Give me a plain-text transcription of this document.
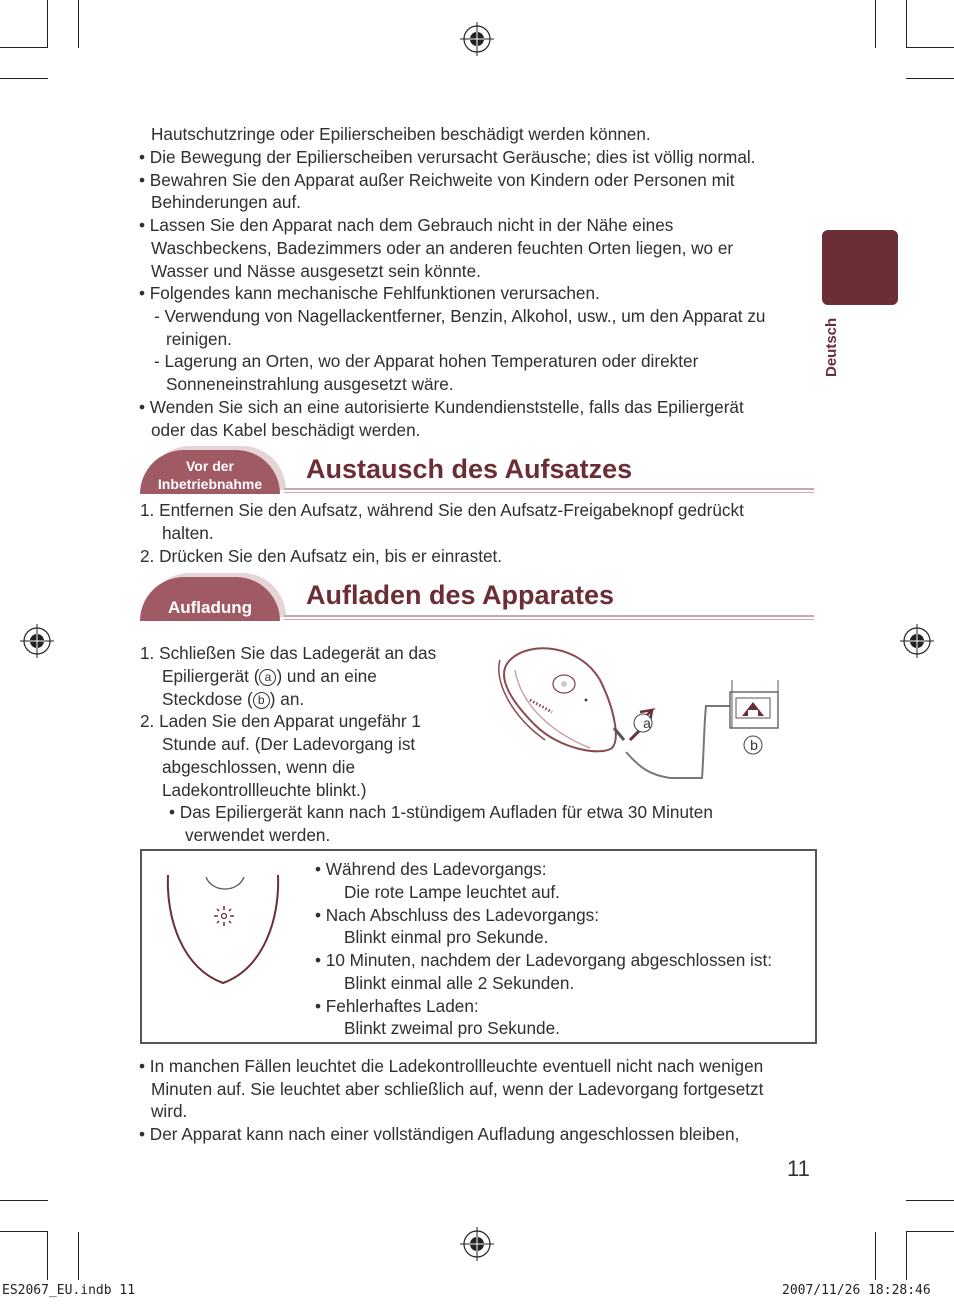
Deutsch
Hautschutzringe oder Epilierscheiben beschädigt werden können.
• Die Bewegung der Epilierscheiben verursacht Geräusche; dies ist völlig normal.
• Bewahren Sie den Apparat außer Reichweite von Kindern oder Personen mit
Behinderungen auf.
• Lassen Sie den Apparat nach dem Gebrauch nicht in der Nähe eines
Waschbeckens, Badezimmers oder an anderen feuchten Orten liegen, wo er
Wasser und Nässe ausgesetzt sein könnte.
• Folgendes kann mechanische Fehlfunktionen verursachen.
- Verwendung von Nagellackentferner, Benzin, Alkohol, usw., um den Apparat zu
reinigen.
- Lagerung an Orten, wo der Apparat hohen Temperaturen oder direkter
Sonneneinstrahlung ausgesetzt wäre.
• Wenden Sie sich an eine autorisierte Kundendienststelle, falls das Epiliergerät
oder das Kabel beschädigt werden.
Vor der
Inbetriebnahme	Austausch des Aufsatzes
1. Entfernen Sie den Aufsatz, während Sie den Aufsatz-Freigabeknopf gedrückt
halten.
2. Drücken Sie den Aufsatz ein, bis er einrastet.
Aufladung	Aufladen des Apparates
1. Schließen Sie das Ladegerät an das
Epiliergerät ( a ) und an eine
Steckdose ( b ) an.
2. Laden Sie den Apparat ungefähr 1
Stunde auf. (Der Ladevorgang ist
abgeschlossen, wenn die
Ladekontrollleuchte blinkt.)
• Das Epiliergerät kann nach 1-stündigem Aufladen für etwa 30 Minuten
verwendet werden.
a
b
• Während des Ladevorgangs:
Die rote Lampe leuchtet auf.
• Nach Abschluss des Ladevorgangs:
Blinkt einmal pro Sekunde.
• 10 Minuten, nachdem der Ladevorgang abgeschlossen ist:
Blinkt einmal alle 2 Sekunden.
• Fehlerhaftes Laden:
Blinkt zweimal pro Sekunde.
• In manchen Fällen leuchtet die Ladekontrollleuchte eventuell nicht nach wenigen
Minuten auf. Sie leuchtet aber schließlich auf, wenn der Ladevorgang fortgesetzt
wird.
• Der Apparat kann nach einer vollständigen Aufladung angeschlossen bleiben,
11
ES2067_EU.indb 11	2007/11/26 18:28:46
